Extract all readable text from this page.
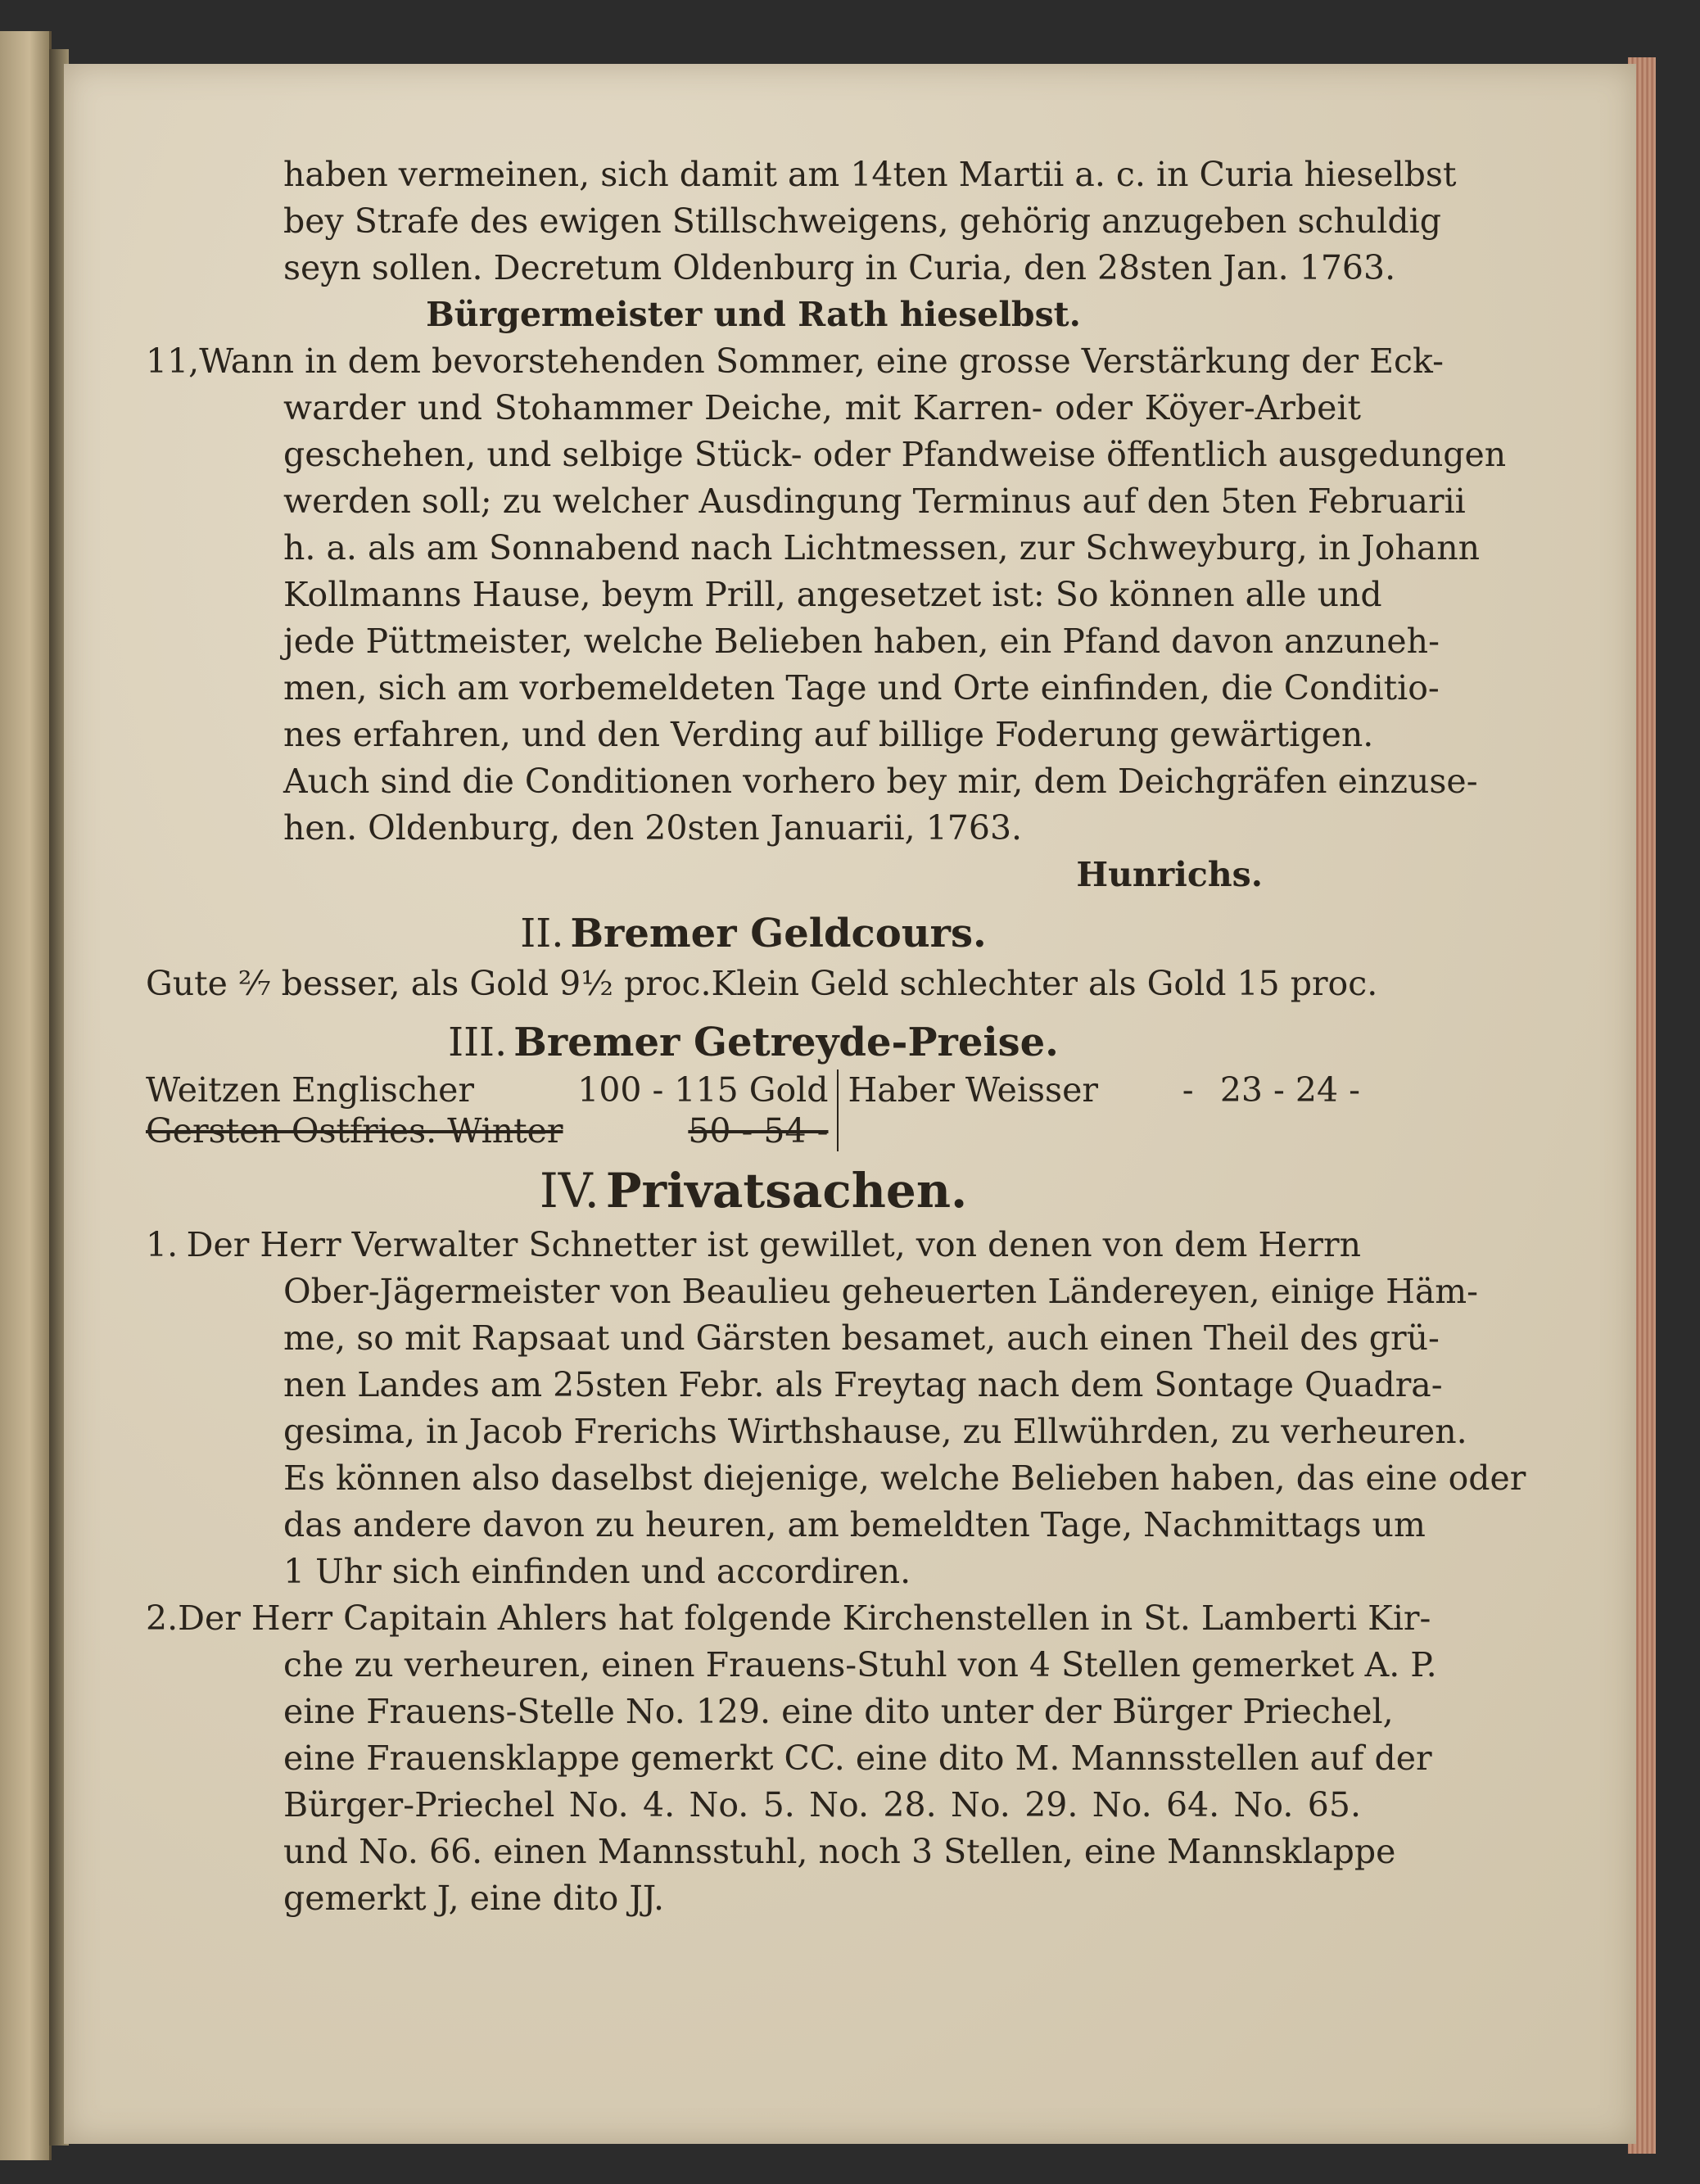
haben vermeinen, sich damit am 14ten Martii a. c. in Curia hieselbst
bey Strafe des ewigen Stillschweigens, gehörig anzugeben schuldig
seyn sollen. Decretum Oldenburg in Curia, den 28sten Jan. 1763.
Bürgermeister und Rath hieselbst.
11, Wann in dem bevorstehenden Sommer, eine grosse Verstärkung der Eck-
warder und Stohammer Deiche, mit Karren- oder Köyer-Arbeit
geschehen, und selbige Stück- oder Pfandweise öffentlich ausgedungen
werden soll; zu welcher Ausdingung Terminus auf den 5ten Februarii
h. a. als am Sonnabend nach Lichtmessen, zur Schweyburg, in Johann
Kollmanns Hause, beym Prill, angesetzet ist: So können alle und
jede Püttmeister, welche Belieben haben, ein Pfand davon anzuneh-
men, sich am vorbemeldeten Tage und Orte einfinden, die Conditio-
nes erfahren, und den Verding auf billige Foderung gewärtigen.
Auch sind die Conditionen vorhero bey mir, dem Deichgräfen einzuse-
hen. Oldenburg, den 20sten Januarii, 1763.
Hunrichs.
II. Bremer Geldcours.
Gute ²⁄₇ besser, als Gold 9½ proc. Klein Geld schlechter als Gold 15 proc.
III. Bremer Getreyde-Preise.
Weitzen Englischer	100 - 115 Gold	Haber Weisser	-	23 - 24 -
Gersten Ostfries. Winter	50 - 54 -			
IV. Privatsachen.
1. Der Herr Verwalter Schnetter ist gewillet, von denen von dem Herrn
Ober-Jägermeister von Beaulieu geheuerten Ländereyen, einige Häm-
me, so mit Rapsaat und Gärsten besamet, auch einen Theil des grü-
nen Landes am 25sten Febr. als Freytag nach dem Sontage Quadra-
gesima, in Jacob Frerichs Wirthshause, zu Ellwührden, zu verheuren.
Es können also daselbst diejenige, welche Belieben haben, das eine oder
das andere davon zu heuren, am bemeldten Tage, Nachmittags um
1 Uhr sich einfinden und accordiren.
2. Der Herr Capitain Ahlers hat folgende Kirchenstellen in St. Lamberti Kir-
che zu verheuren, einen Frauens-Stuhl von 4 Stellen gemerket A. P.
eine Frauens-Stelle No. 129. eine dito unter der Bürger Priechel,
eine Frauensklappe gemerkt CC. eine dito M. Mannsstellen auf der
Bürger-Priechel No. 4. No. 5. No. 28. No. 29. No. 64. No. 65.
und No. 66. einen Mannsstuhl, noch 3 Stellen, eine Mannsklappe
gemerkt J, eine dito JJ.
